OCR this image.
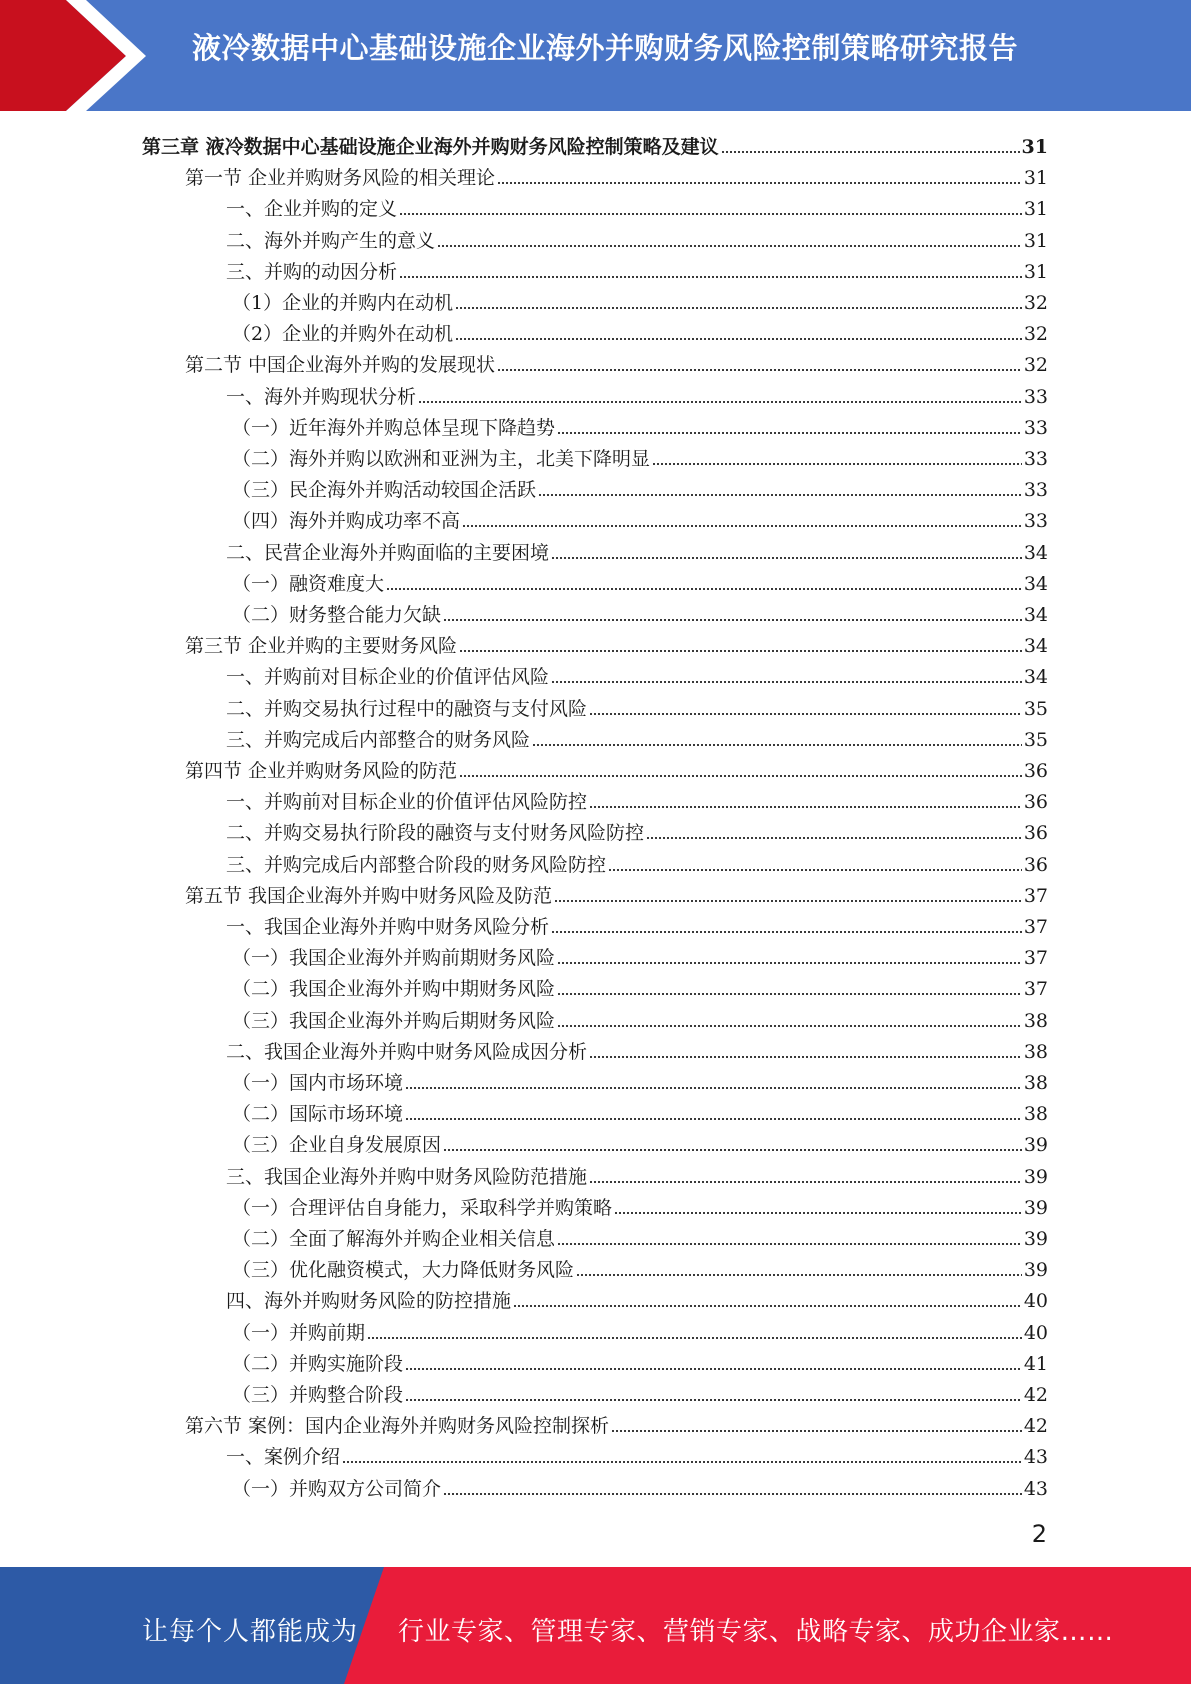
液冷数据中心基础设施企业海外并购财务风险控制策略研究报告
第三章 液冷数据中心基础设施企业海外并购财务风险控制策略及建议	31
第一节 企业并购财务风险的相关理论	31
一、企业并购的定义	31
二、海外并购产生的意义	31
三、并购的动因分析	31
（1）企业的并购内在动机	32
（2）企业的并购外在动机	32
第二节 中国企业海外并购的发展现状	32
一、海外并购现状分析	33
（一）近年海外并购总体呈现下降趋势	33
（二）海外并购以欧洲和亚洲为主，北美下降明显	33
（三）民企海外并购活动较国企活跃	33
（四）海外并购成功率不高	33
二、民营企业海外并购面临的主要困境	34
（一）融资难度大	34
（二）财务整合能力欠缺	34
第三节 企业并购的主要财务风险	34
一、并购前对目标企业的价值评估风险	34
二、并购交易执行过程中的融资与支付风险	35
三、并购完成后内部整合的财务风险	35
第四节 企业并购财务风险的防范	36
一、并购前对目标企业的价值评估风险防控	36
二、并购交易执行阶段的融资与支付财务风险防控	36
三、并购完成后内部整合阶段的财务风险防控	36
第五节 我国企业海外并购中财务风险及防范	37
一、我国企业海外并购中财务风险分析	37
（一）我国企业海外并购前期财务风险	37
（二）我国企业海外并购中期财务风险	37
（三）我国企业海外并购后期财务风险	38
二、我国企业海外并购中财务风险成因分析	38
（一）国内市场环境	38
（二）国际市场环境	38
（三）企业自身发展原因	39
三、我国企业海外并购中财务风险防范措施	39
（一）合理评估自身能力，采取科学并购策略	39
（二）全面了解海外并购企业相关信息	39
（三）优化融资模式，大力降低财务风险	39
四、海外并购财务风险的防控措施	40
（一）并购前期	40
（二）并购实施阶段	41
（三）并购整合阶段	42
第六节 案例：国内企业海外并购财务风险控制探析	42
一、案例介绍	43
（一）并购双方公司简介	43
2
让每个人都能成为 行业专家、管理专家、营销专家、战略专家、成功企业家……
